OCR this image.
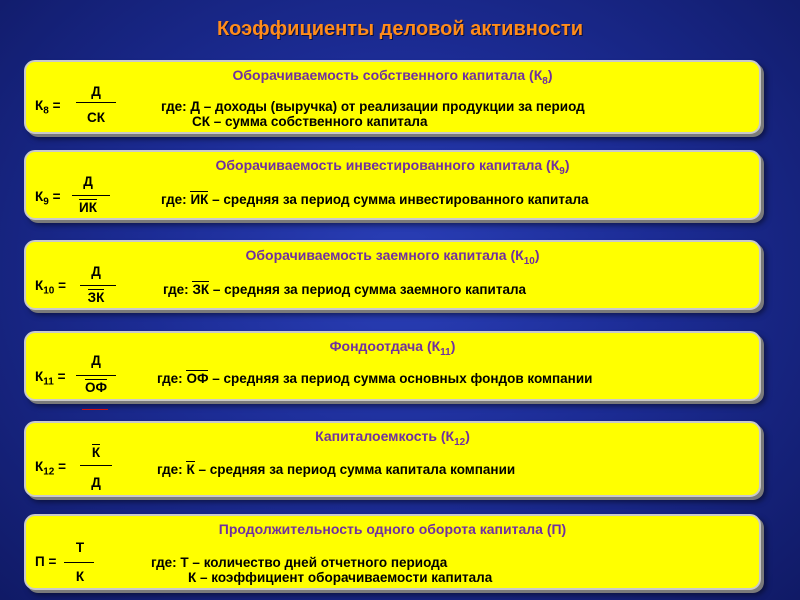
Коэффициенты деловой активности
Оборачиваемость собственного капитала $(К_8)$
$К_8$ =
Д
СК
где: Д – доходы (выручка) от реализации продукции за период
СК – сумма собственного капитала
Оборачиваемость инвестированного капитала $(К_9)$
$К_9$ =
Д
ИК
где: ИК – средняя за период сумма инвестированного капитала
Оборачиваемость заемного капитала $(К_{10})$
$К_{10}$ =
Д
ЗК
где: ЗК – средняя за период сумма заемного капитала
Фондоотдача $(К_{11})$
$К_{11}$ =
Д
ОФ
где: ОФ – средняя за период сумма основных фондов компании
Капиталоемкость $(К_{12})$
$К_{12}$ =
К
Д
где: К – средняя за период сумма капитала компании
Продолжительность одного оборота капитала (П)
П =
Т
К
где: Т – количество дней отчетного периода
К – коэффициент оборачиваемости капитала
